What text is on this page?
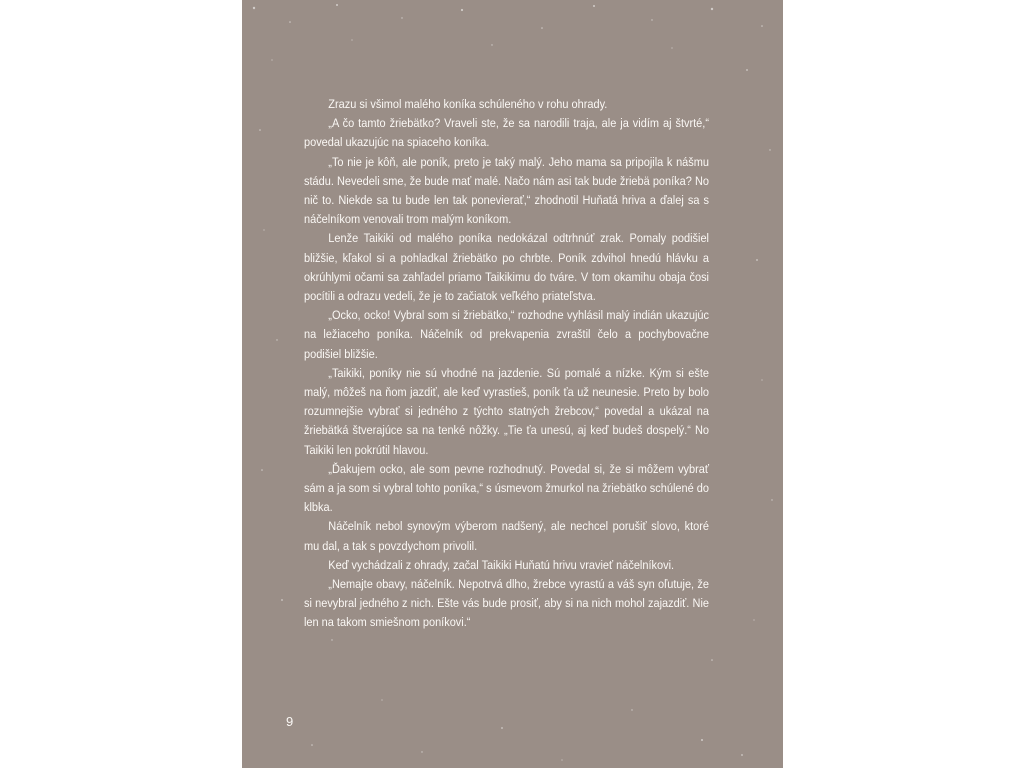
Zrazu si všimol malého koníka schúleného v rohu ohrady.

„A čo tamto žriebätko? Vraveli ste, že sa narodili traja, ale ja vidím aj štvrté,“ povedal ukazujúc na spiaceho koníka.

„To nie je kôň, ale poník, preto je taký malý. Jeho mama sa pripojila k nášmu stádu. Nevedeli sme, že bude mať malé. Načo nám asi tak bude žriebä poníka? No nič to. Niekde sa tu bude len tak ponevierať,“ zhodnotil Huňatá hriva a ďalej sa s náčelníkom venovali trom malým koníkom.

Lenže Taikiki od malého poníka nedokázal odtrhnúť zrak. Pomaly podišiel bližšie, kľakol si a pohladkal žriebätko po chrbte. Poník zdvihol hnedú hlávku a okrúhlymi očami sa zahľadel priamo Taikikimu do tváre. V tom okamihu obaja čosi pocítili a odrazu vedeli, že je to začiatok veľkého priateľstva.

„Ocko, ocko! Vybral som si žriebätko,“ rozhodne vyhlásil malý indián ukazujúc na ležiaceho poníka. Náčelník od prekvapenia zvraštil čelo a pochybovačne podišiel bližšie.

„Taikiki, poníky nie sú vhodné na jazdenie. Sú pomalé a nízke. Kým si ešte malý, môžeš na ňom jazdiť, ale keď vyrastieš, poník ťa už neunesie. Preto by bolo rozumnejšie vybrať si jedného z týchto statných žrebcov,“ povedal a ukázal na žriebätká štverajúce sa na tenké nôžky. „Tie ťa unesú, aj keď budeš dospelý.“ No Taikiki len pokrútil hlavou.

„Ďakujem ocko, ale som pevne rozhodnutý. Povedal si, že si môžem vybrať sám a ja som si vybral tohto poníka,“ s úsmevom žmurkol na žriebätko schúlené do klbka.

Náčelník nebol synovým výberom nadšený, ale nechcel porušiť slovo, ktoré mu dal, a tak s povzdychom privolil.

Keď vychádzali z ohrady, začal Taikiki Huňatú hrivu vravieť náčelníkovi.

„Nemajte obavy, náčelník. Nepotrvá dlho, žrebce vyrastú a váš syn oľutuje, že si nevybral jedného z nich. Ešte vás bude prosiť, aby si na nich mohol zajazdiť. Nie len na takom smiešnom poníkovi.“

9
